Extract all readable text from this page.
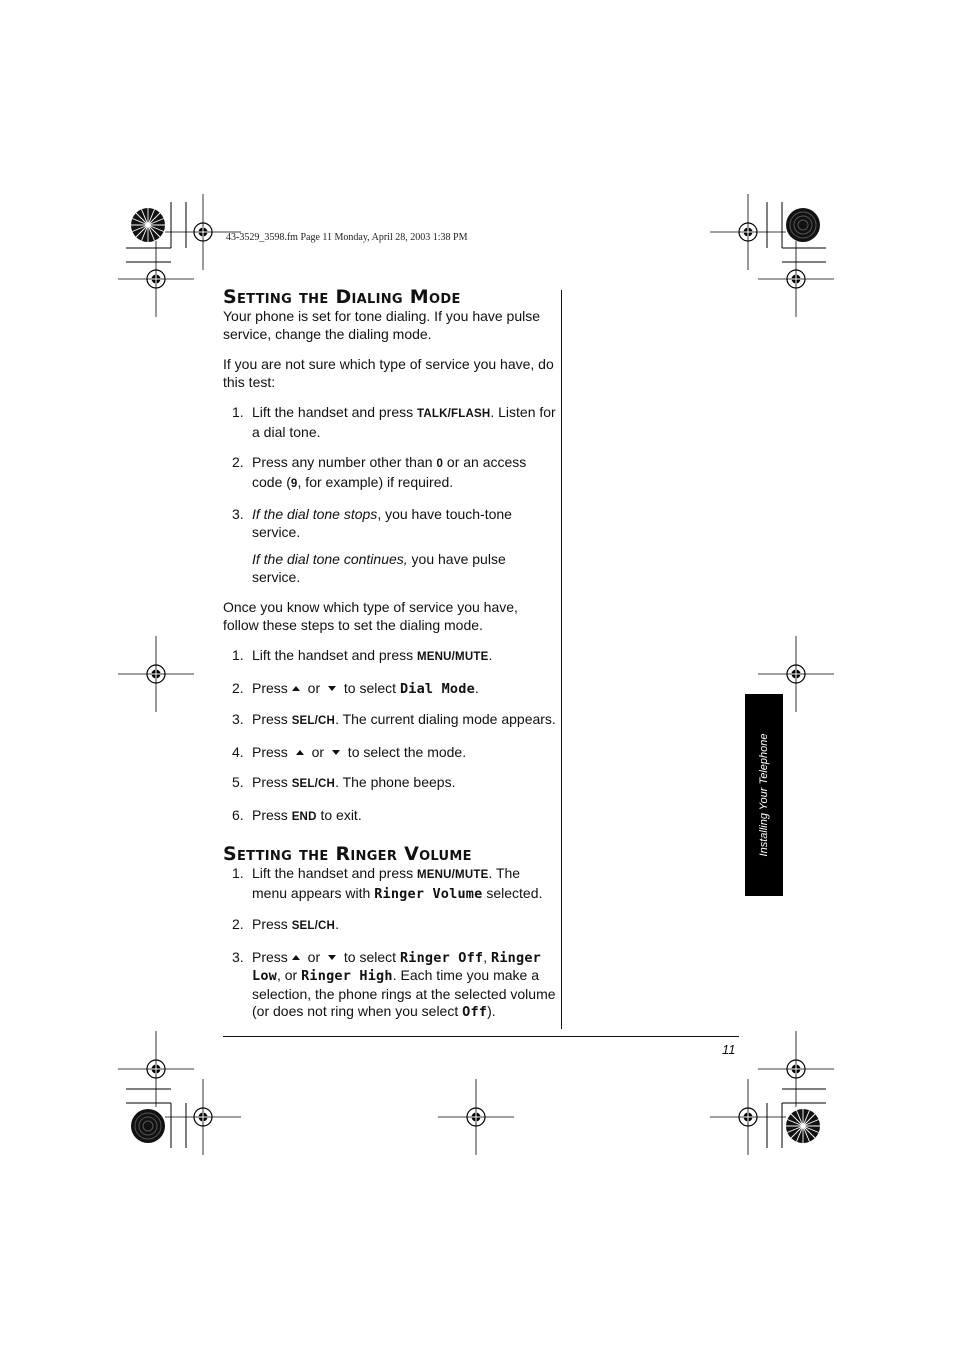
43-3529_3598.fm Page 11 Monday, April 28, 2003 1:38 PM
Setting the Dialing Mode

Your phone is set for tone dialing. If you have pulse service, change the dialing mode.

If you are not sure which type of service you have, do this test:

1. Lift the handset and press TALK/FLASH. Listen for a dial tone.
2. Press any number other than 0 or an access code (9, for example) if required.
3. If the dial tone stops, you have touch-tone service.
If the dial tone continues, you have pulse service.

Once you know which type of service you have, follow these steps to set the dialing mode.

1. Lift the handset and press MENU/MUTE.
2. Press or  to select Dial Mode.
3. Press SEL/CH. The current dialing mode appears.
4. Press  or  to select the mode.
5. Press SEL/CH. The phone beeps.
6. Press END to exit.
Setting the Ringer Volume
1. Lift the handset and press MENU/MUTE. The menu appears with Ringer Volume selected.
2. Press SEL/CH.
3. Press or  to select Ringer Off, Ringer Low, or Ringer High. Each time you make a selection, the phone rings at the selected volume (or does not ring when you select Off).
11
Installing Your Telephone
